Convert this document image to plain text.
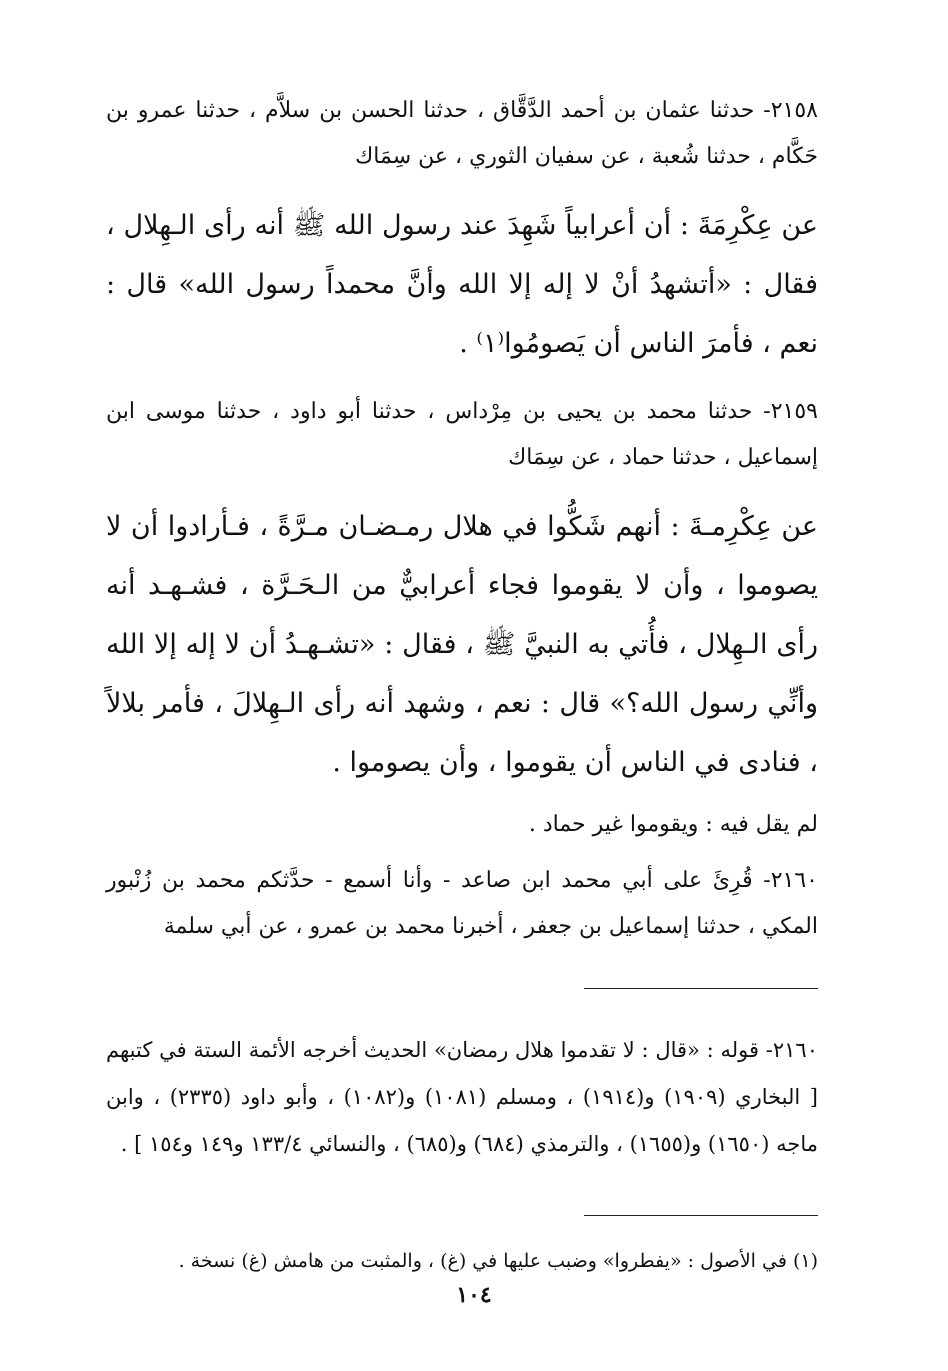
٢١٥٨- حدثنا عثمان بن أحمد الدَّقَّاق ، حدثنا الحسن بن سلاَّم ، حدثنا عمرو بن حَكَّام ، حدثنا شُعبة ، عن سفيان الثوري ، عن سِمَاك

عن عِكْرِمَةَ : أن أعرابياً شَهِدَ عند رسول الله ﷺ أنه رأى الـهِلال ، فقال : «أتشهدُ أنْ لا إله إلا الله وأنَّ محمداً رسول الله» قال : نعم ، فأمرَ الناس أن يَصومُوا⁽١⁾ .

٢١٥٩- حدثنا محمد بن يحيى بن مِرْداس ، حدثنا أبو داود ، حدثنا موسى ابن إسماعيل ، حدثنا حماد ، عن سِمَاك

عن عِكْرِمـةَ : أنهم شَكُّوا في هلال رمـضـان مـرَّةً ، فـأرادوا أن لا يصوموا ، وأن لا يقوموا فجاء أعرابيٌّ من الـحَـرَّة ، فشـهـد أنه رأى الـهِلال ، فأُتي به النبيَّ ﷺ ، فقال : «تشـهـدُ أن لا إله إلا الله وأنِّي رسول الله؟» قال : نعم ، وشهد أنه رأى الـهِلالَ ، فأمر بلالاً ، فنادى في الناس أن يقوموا ، وأن يصوموا .

لم يقل فيه : ويقوموا غير حماد .

٢١٦٠- قُرِئَ على أبي محمد ابن صاعد - وأنا أسمع - حدَّثكم محمد بن زُنْبور المكي ، حدثنا إسماعيل بن جعفر ، أخبرنا محمد بن عمرو ، عن أبي سلمة

٢١٦٠- قوله : «قال : لا تقدموا هلال رمضان» الحديث أخرجه الأئمة الستة في كتبهم [ البخاري (١٩٠٩) و(١٩١٤) ، ومسلم (١٠٨١) و(١٠٨٢) ، وأبو داود (٢٣٣٥) ، وابن ماجه (١٦٥٠) و(١٦٥٥) ، والترمذي (٦٨٤) و(٦٨٥) ، والنسائي ١٣٣/٤ و١٤٩ و١٥٤ ] .

(١) في الأصول : «يفطروا» وضبب عليها في (غ) ، والمثبت من هامش (غ) نسخة .

١٠٤
